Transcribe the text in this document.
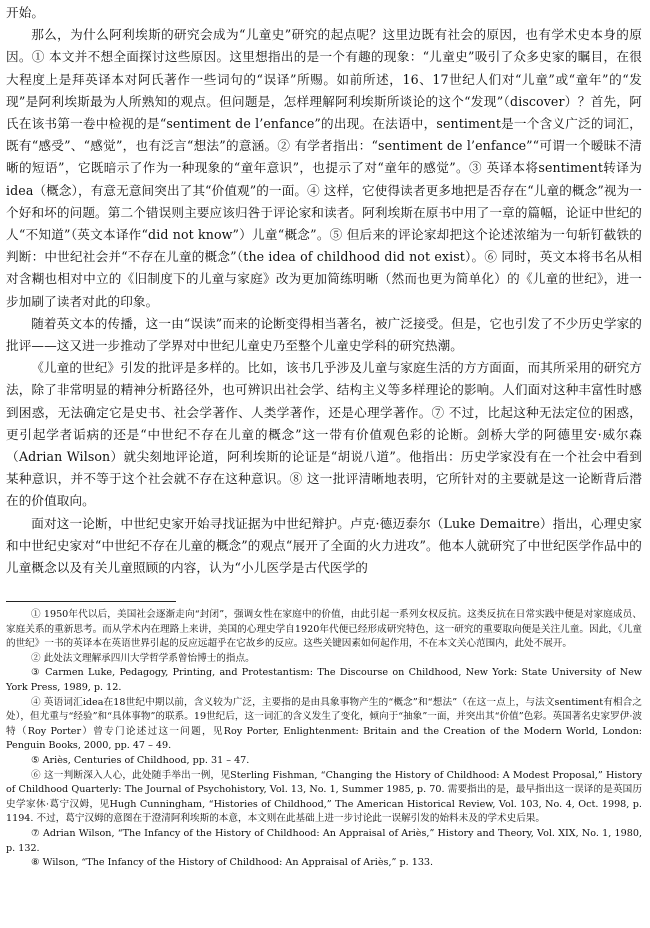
开始。

那么，为什么阿利埃斯的研究会成为“儿童史”研究的起点呢？这里边既有社会的原因，也有学术史本身的原因。① 本文并不想全面探讨这些原因。这里想指出的是一个有趣的现象：“儿童史”吸引了众多史家的瞩目，在很大程度上是拜英译本对阿氏著作一些词句的“误译”所赐。如前所述，16、17世纪人们对“儿童”或“童年”的“发现”是阿利埃斯最为人所熟知的观点。但问题是，怎样理解阿利埃斯所谈论的这个“发现”（discover）？首先，阿氏在该书第一卷中检视的是“sentiment de l’enfance”的出现。在法语中，sentiment是一个含义广泛的词汇，既有“感受”、“感觉”，也有泛言“想法”的意涵。② 有学者指出：“sentiment de l’enfance”“可谓一个暧昧不清晰的短语”，它既暗示了作为一种现象的“童年意识”，也提示了对“童年的感觉”。③ 英译本将sentiment转译为idea（概念），有意无意间突出了其“价值观”的一面。④ 这样，它使得读者更多地把是否存在“儿童的概念”视为一个好和坏的问题。第二个错误则主要应该归咎于评论家和读者。阿利埃斯在原书中用了一章的篇幅，论证中世纪的人“不知道”（英文本译作“did not know”）儿童“概念”。⑤ 但后来的评论家却把这个论述浓缩为一句斩钉截铁的判断：中世纪社会并“不存在儿童的概念”（the idea of childhood did not exist）。⑥ 同时，英文本将书名从相对含糊也相对中立的《旧制度下的儿童与家庭》改为更加简练明晰（然而也更为简单化）的《儿童的世纪》，进一步加刷了读者对此的印象。

随着英文本的传播，这一由“误读”而来的论断变得相当著名，被广泛接受。但是，它也引发了不少历史学家的批评——这又进一步推动了学界对中世纪儿童史乃至整个儿童史学科的研究热潮。

《儿童的世纪》引发的批评是多样的。比如，该书几乎涉及儿童与家庭生活的方方面面，而其所采用的研究方法，除了非常明显的精神分析路径外，也可辨识出社会学、结构主义等多样理论的影响。人们面对这种丰富性时感到困惑，无法确定它是史书、社会学著作、人类学著作，还是心理学著作。⑦ 不过，比起这种无法定位的困惑，更引起学者诟病的还是“中世纪不存在儿童的概念”这一带有价值观色彩的论断。剑桥大学的阿德里安·威尔森（Adrian Wilson）就尖刻地评论道，阿利埃斯的论证是“胡说八道”。他指出：历史学家没有在一个社会中看到某种意识，并不等于这个社会就不存在这种意识。⑧ 这一批评清晰地表明，它所针对的主要就是这一论断背后潜在的价值取向。

面对这一论断，中世纪史家开始寻找证据为中世纪辩护。卢克·德迈泰尔（Luke Demaitre）指出，心理史家和中世纪史家对“中世纪不存在儿童的概念”的观点“展开了全面的火力进攻”。他本人就研究了中世纪医学作品中的儿童概念以及有关儿童照顾的内容，认为“小儿医学是古代医学的

① 1950年代以后，美国社会逐渐走向“封闭”，强调女性在家庭中的价值，由此引起一系列女权反抗。这类反抗在日常实践中便是对家庭成员、家庭关系的重新思考。而从学术内在理路上来讲，美国的心理史学自1920年代便已经形成研究特色，这一研究的重要取向便是关注儿童。因此，《儿童的世纪》一书的英译本在英语世界引起的反应远超乎在它故乡的反应。这些关键因素如何起作用，不在本文关心范围内，此处不展开。

② 此处法文理解承四川大学哲学系曾怡博士的指点。

③ Carmen Luke, Pedagogy, Printing, and Protestantism: The Discourse on Childhood, New York: State University of New York Press, 1989, p. 12.

④ 英语词汇idea在18世纪中期以前，含义较为广泛，主要指的是由具象事物产生的“概念”和“想法”（在这一点上，与法文sentiment有相合之处），但尤重与“经验”和“具体事物”的联系。19世纪后，这一词汇的含义发生了变化，倾向于“抽象”一面，并突出其“价值”色彩。英国著名史家罗伊·波特（Roy Porter）曾专门论述过这一问题，见Roy Porter, Enlightenment: Britain and the Creation of the Modern World, London: Penguin Books, 2000, pp. 47 – 49.

⑤ Ariès, Centuries of Childhood, pp. 31 – 47.

⑥ 这一判断深入人心，此处随手举出一例，见Sterling Fishman, “Changing the History of Childhood: A Modest Proposal,” History of Childhood Quarterly: The Journal of Psychohistory, Vol. 13, No. 1, Summer 1985, p. 70. 需要指出的是，最早指出这一误译的是英国历史学家休·葛宁汉姆，见Hugh Cunningham, “Histories of Childhood,” The American Historical Review, Vol. 103, No. 4, Oct. 1998, p. 1194. 不过，葛宁汉姆的意图在于澄清阿利埃斯的本意，本文则在此基础上进一步讨论此一误解引发的始料未及的学术史后果。

⑦ Adrian Wilson, “The Infancy of the History of Childhood: An Appraisal of Ariès,” History and Theory, Vol. XIX, No. 1, 1980, p. 132.

⑧ Wilson, “The Infancy of the History of Childhood: An Appraisal of Ariès,” p. 133.
